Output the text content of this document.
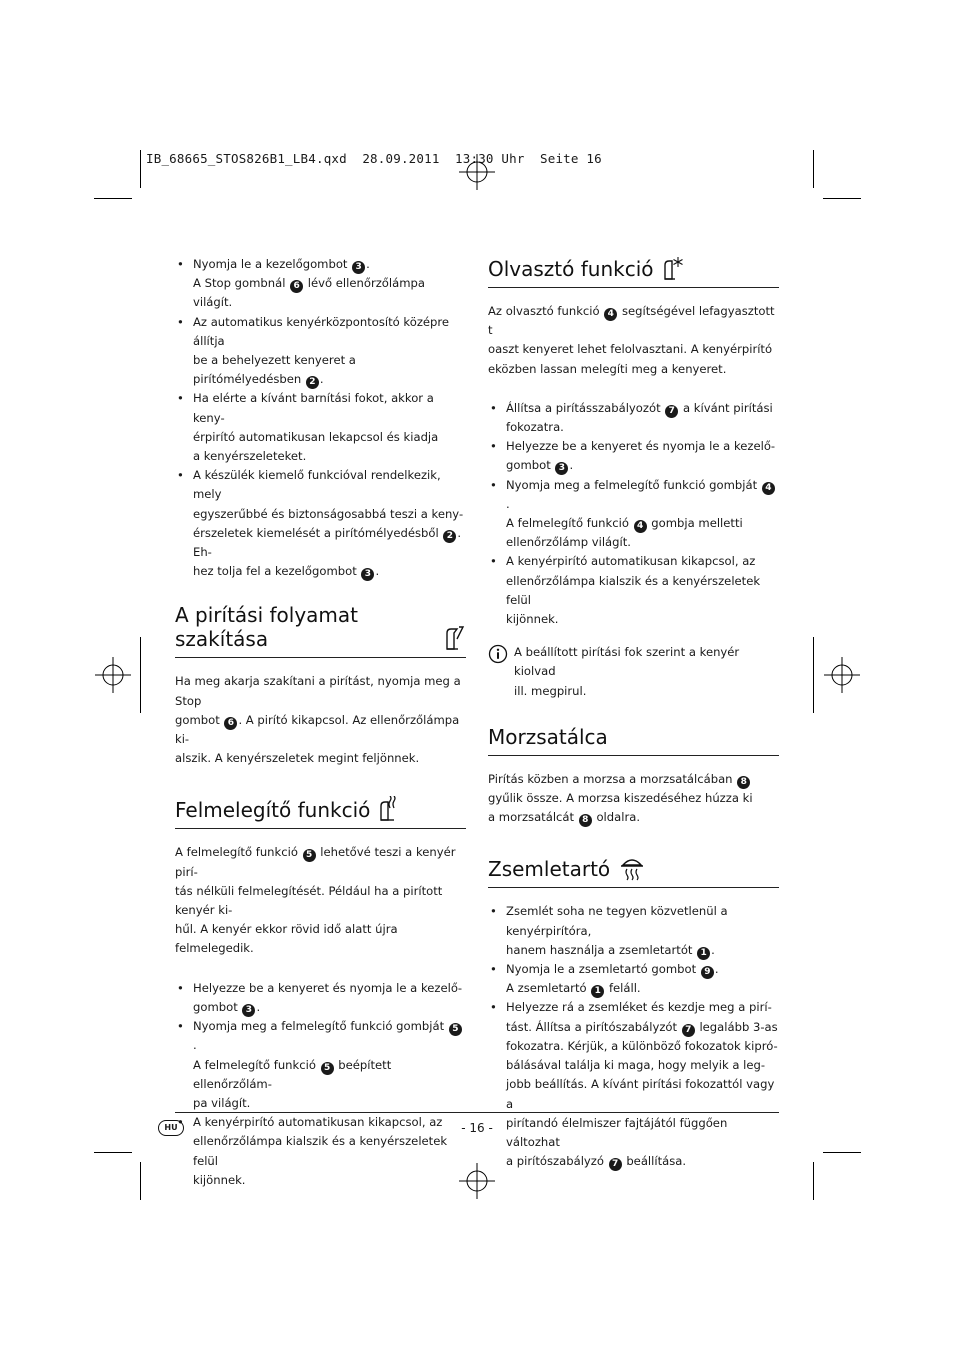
IB_68665_STOS826B1_LB4.qxd  28.09.2011  13:30 Uhr  Seite 16
• Nyomja le a kezelőgombot 3 .
A Stop gombnál 6 lévő ellenőrzőlámpa világít.
• Az automatikus kenyérközpontosító középre állítja
be a behelyezett kenyeret a pirítómélyedésben 2 .
• Ha elérte a kívánt barnítási fokot, akkor a keny-
érpirító automatikusan lekapcsol és kiadja
a kenyérszeleteket.
• A készülék kiemelő funkcióval rendelkezik, mely
egyszerűbbé és biztonságosabbá teszi a keny-
érszeletek kiemelését a pirítómélyedésből 2 . Eh-
hez tolja fel a kezelőgombot 3 .
A pirítási folyamat szakítása

Ha meg akarja szakítani a pirítást, nyomja meg a Stop
gombot 6 . A pirító kikapcsol. Az ellenőrzőlámpa ki-
alszik. A kenyérszeletek megint feljönnek.

Felmelegítő funkció

A felmelegítő funkció 5 lehetővé teszi a kenyér pirí-
tás nélküli felmelegítését. Például ha a pirított kenyér ki-
hűl. A kenyér ekkor rövid idő alatt újra felmelegedik.

• Helyezze be a kenyeret és nyomja le a kezelő-
gombot 3 .
• Nyomja meg a felmelegítő funkció gombját 5.
A felmelegítő funkció 5 beépített ellenőrzőlám-
pa világít.
• A kenyérpirító automatikusan kikapcsol, az
ellenőrzőlámpa kialszik és a kenyérszeletek felül
kijönnek.
Olvasztó funkció

Az olvasztó funkció 4 segítségével lefagyasztott t
oaszt kenyeret lehet felolvasztani. A kenyérpirító
eközben lassan melegíti meg a kenyeret.

• Állítsa a pirításszabályozót 7 a kívánt pirítási
fokozatra.
• Helyezze be a kenyeret és nyomja le a kezelő-
gombot 3 .
• Nyomja meg a felmelegítő funkció gombját 4.
A felmelegítő funkció 4 gombja melletti
ellenőrzőlámp világít.
• A kenyérpirító automatikusan kikapcsol, az
ellenőrzőlámpa kialszik és a kenyérszeletek felül
kijönnek.
A beállított pirítási fok szerint a kenyér kiolvad
ill. megpirul.
Morzsatálca

Pirítás közben a morzsa a morzsatálcában 8
gyűlik össze. A morzsa kiszedéséhez húzza ki
a morzsatálcát 8 oldalra.

Zsemletartó
• Zsemlét soha ne tegyen közvetlenül a kenyérpirítóra,
hanem használja a zsemletartót 1 .
• Nyomja le a zsemletartó gombot 9 .
A zsemletartó 1 feláll.
• Helyezze rá a zsemléket és kezdje meg a pirí-
tást. Állítsa a pirítószabályzót 7 legalább 3-as
fokozatra. Kérjük, a különböző fokozatok kipró-
bálásával találja ki maga, hogy melyik a leg-
jobb beállítás. A kívánt pirítási fokozattól vagy a
pirítandó élelmiszer fajtájától függően változhat
a pirítószabályzó 7 beállítása.
HU	- 16 -
